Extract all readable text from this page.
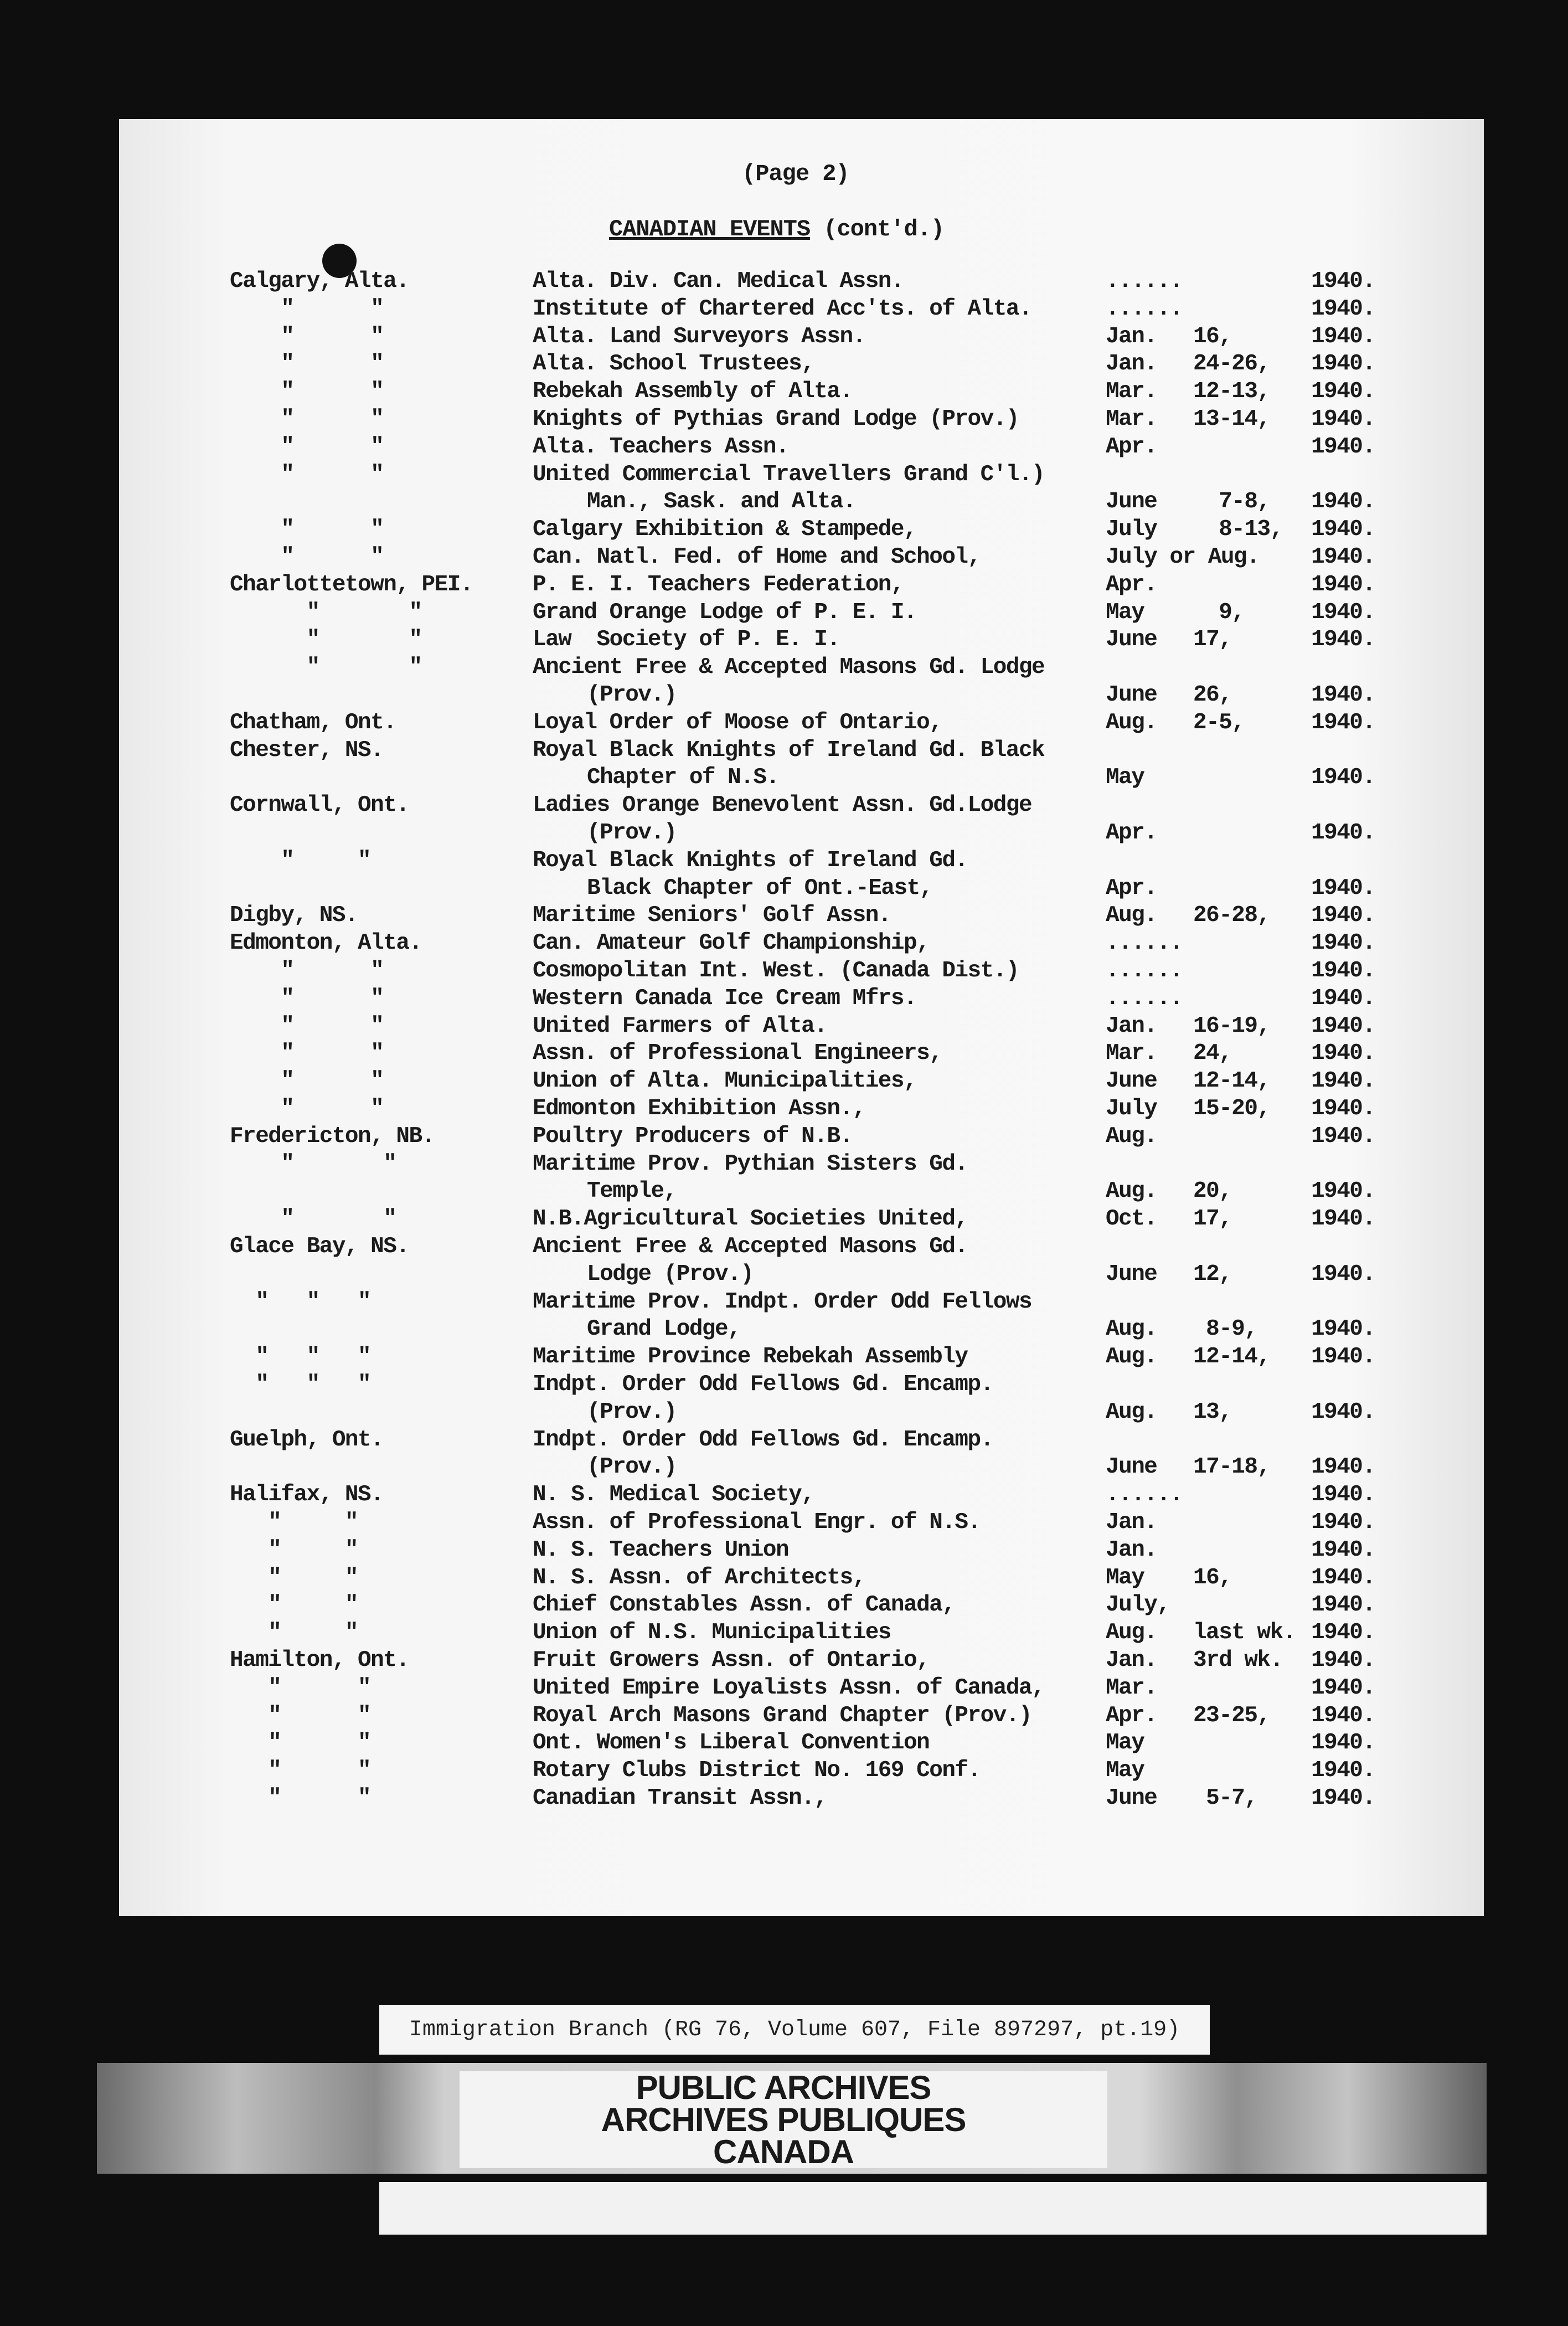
(Page 2)
CANADIAN EVENTS (cont'd.)
Calgary, Alta.	Alta. Div. Can. Medical Assn.	......	1940.
"      "	Institute of Chartered Acc'ts. of Alta.	......	1940.
"      "	Alta. Land Surveyors Assn.	Jan. 16,	1940.
"      "	Alta. School Trustees,	Jan. 24-26, 1940.
"      "	Rebekah Assembly of Alta.	Mar. 12-13, 1940.
"      "	Knights of Pythias Grand Lodge (Prov.)	Mar. 13-14, 1940.
"      "	Alta. Teachers Assn.	Apr.	1940.
"      "	United Commercial Travellers Grand C'l.)
Man., Sask. and Alta.	June 7-8, 1940.
"      "	Calgary Exhibition & Stampede,	July 8-13, 1940.
"      "	Can. Natl. Fed. of Home and School,	July or Aug. 1940.
Charlottetown, PEI.	P. E. I. Teachers Federation,	Apr.	1940.
"       "	Grand Orange Lodge of P. E. I.	May 9,	1940.
"       "	Law  Society of P. E. I.	June 17,	1940.
"       "	Ancient Free & Accepted Masons Gd. Lodge
(Prov.)	June 26,	1940.
Chatham, Ont.	Loyal Order of Moose of Ontario,	Aug. 2-5,	1940.
Chester, NS.	Royal Black Knights of Ireland Gd. Black
Chapter of N.S.	May	1940.
Cornwall, Ont.	Ladies Orange Benevolent Assn. Gd.Lodge
(Prov.)	Apr.	1940.
"     "	Royal Black Knights of Ireland Gd.
Black Chapter of Ont.-East,	Apr.	1940.
Digby, NS.	Maritime Seniors' Golf Assn.	Aug. 26-28, 1940.
Edmonton, Alta.	Can. Amateur Golf Championship,	......	1940.
"      "	Cosmopolitan Int. West. (Canada Dist.)	......	1940.
"      "	Western Canada Ice Cream Mfrs.	......	1940.
"      "	United Farmers of Alta.	Jan. 16-19, 1940.
"      "	Assn. of Professional Engineers,	Mar. 24,	1940.
"      "	Union of Alta. Municipalities,	June 12-14, 1940.
"      "	Edmonton Exhibition Assn.,	July 15-20, 1940.
Fredericton, NB.	Poultry Producers of N.B.	Aug.	1940.
"       "	Maritime Prov. Pythian Sisters Gd.
Temple,	Aug. 20,	1940.
"       "	N.B.Agricultural Societies United,	Oct. 17,	1940.
Glace Bay, NS.	Ancient Free & Accepted Masons Gd.
Lodge (Prov.)	June 12,	1940.
"   "   "	Maritime Prov. Indpt. Order Odd Fellows
Grand Lodge,	Aug. 8-9, 1940.
"   "   "	Maritime Province Rebekah Assembly	Aug. 12-14, 1940.
"   "   "	Indpt. Order Odd Fellows Gd. Encamp.
(Prov.)	Aug. 13,	1940.
Guelph, Ont.	Indpt. Order Odd Fellows Gd. Encamp.
(Prov.)	June 17-18, 1940.
Halifax, NS.	N. S. Medical Society,	......	1940.
"     "	Assn. of Professional Engr. of N.S.	Jan.	1940.
"     "	N. S. Teachers Union	Jan.	1940.
"     "	N. S. Assn. of Architects,	May 16,	1940.
"     "	Chief Constables Assn. of Canada,	July,	1940.
"     "	Union of N.S. Municipalities	Aug. last wk. 1940.
Hamilton, Ont.	Fruit Growers Assn. of Ontario,	Jan. 3rd wk. 1940.
"      "	United Empire Loyalists Assn. of Canada,	Mar.	1940.
"      "	Royal Arch Masons Grand Chapter (Prov.)	Apr. 23-25, 1940.
"      "	Ont. Women's Liberal Convention	May	1940.
"      "	Rotary Clubs District No. 169 Conf.	May	1940.
"      "	Canadian Transit Assn.,	June 5-7, 1940.
Immigration Branch (RG 76, Volume 607, File 897297, pt.19)
PUBLIC ARCHIVES
ARCHIVES PUBLIQUES
CANADA
